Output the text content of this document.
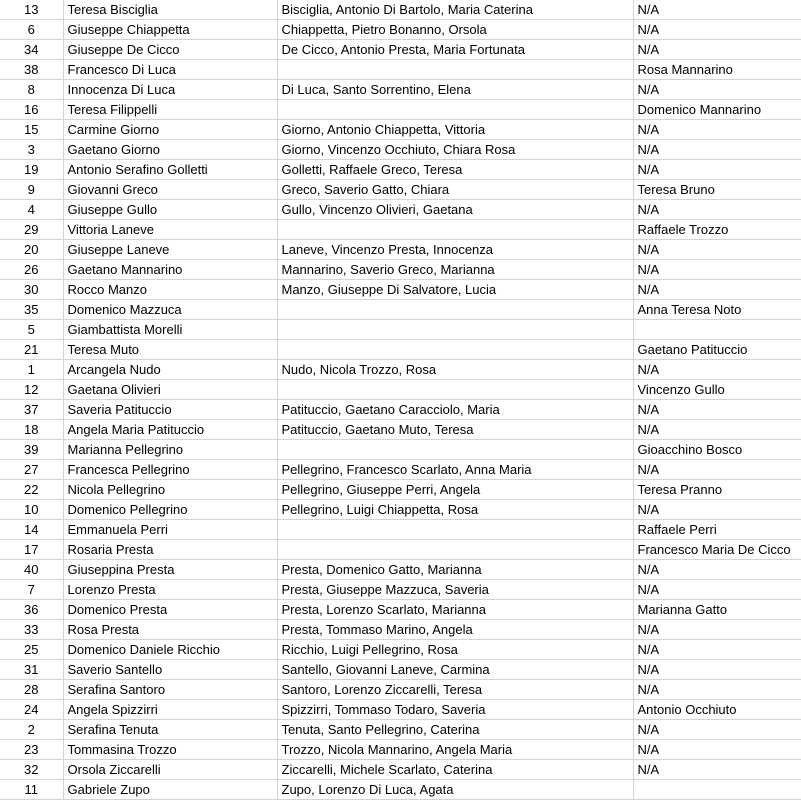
13	Teresa Bisciglia	Bisciglia, Antonio Di Bartolo, Maria Caterina	N/A
6	Giuseppe Chiappetta	Chiappetta, Pietro Bonanno, Orsola	N/A
34	Giuseppe De Cicco	De Cicco, Antonio Presta, Maria Fortunata	N/A
38	Francesco Di Luca		Rosa Mannarino
8	Innocenza Di Luca	Di Luca, Santo Sorrentino, Elena	N/A
16	Teresa Filippelli		Domenico Mannarino
15	Carmine Giorno	Giorno, Antonio Chiappetta, Vittoria	N/A
3	Gaetano Giorno	Giorno, Vincenzo Occhiuto, Chiara Rosa	N/A
19	Antonio Serafino Golletti	Golletti, Raffaele Greco, Teresa	N/A
9	Giovanni Greco	Greco, Saverio Gatto, Chiara	Teresa Bruno
4	Giuseppe Gullo	Gullo, Vincenzo Olivieri, Gaetana	N/A
29	Vittoria Laneve		Raffaele Trozzo
20	Giuseppe Laneve	Laneve, Vincenzo Presta, Innocenza	N/A
26	Gaetano Mannarino	Mannarino, Saverio Greco, Marianna	N/A
30	Rocco Manzo	Manzo, Giuseppe Di Salvatore, Lucia	N/A
35	Domenico Mazzuca		Anna Teresa Noto
5	Giambattista Morelli		
21	Teresa Muto		Gaetano Patituccio
1	Arcangela Nudo	Nudo, Nicola Trozzo, Rosa	N/A
12	Gaetana Olivieri		Vincenzo Gullo
37	Saveria Patituccio	Patituccio, Gaetano Caracciolo, Maria	N/A
18	Angela Maria Patituccio	Patituccio, Gaetano Muto, Teresa	N/A
39	Marianna Pellegrino		Gioacchino Bosco
27	Francesca Pellegrino	Pellegrino, Francesco Scarlato, Anna Maria	N/A
22	Nicola Pellegrino	Pellegrino, Giuseppe Perri, Angela	Teresa Pranno
10	Domenico Pellegrino	Pellegrino, Luigi Chiappetta, Rosa	N/A
14	Emmanuela Perri		Raffaele Perri
17	Rosaria Presta		Francesco Maria De Cicco
40	Giuseppina Presta	Presta, Domenico Gatto, Marianna	N/A
7	Lorenzo Presta	Presta, Giuseppe Mazzuca, Saveria	N/A
36	Domenico Presta	Presta, Lorenzo Scarlato, Marianna	Marianna Gatto
33	Rosa Presta	Presta, Tommaso Marino, Angela	N/A
25	Domenico Daniele Ricchio	Ricchio, Luigi Pellegrino, Rosa	N/A
31	Saverio Santello	Santello, Giovanni Laneve, Carmina	N/A
28	Serafina Santoro	Santoro, Lorenzo Ziccarelli, Teresa	N/A
24	Angela Spizzirri	Spizzirri, Tommaso Todaro, Saveria	Antonio Occhiuto
2	Serafina Tenuta	Tenuta, Santo Pellegrino, Caterina	N/A
23	Tommasina Trozzo	Trozzo, Nicola Mannarino, Angela Maria	N/A
32	Orsola Ziccarelli	Ziccarelli, Michele Scarlato, Caterina	N/A
11	Gabriele Zupo	Zupo, Lorenzo Di Luca, Agata	
